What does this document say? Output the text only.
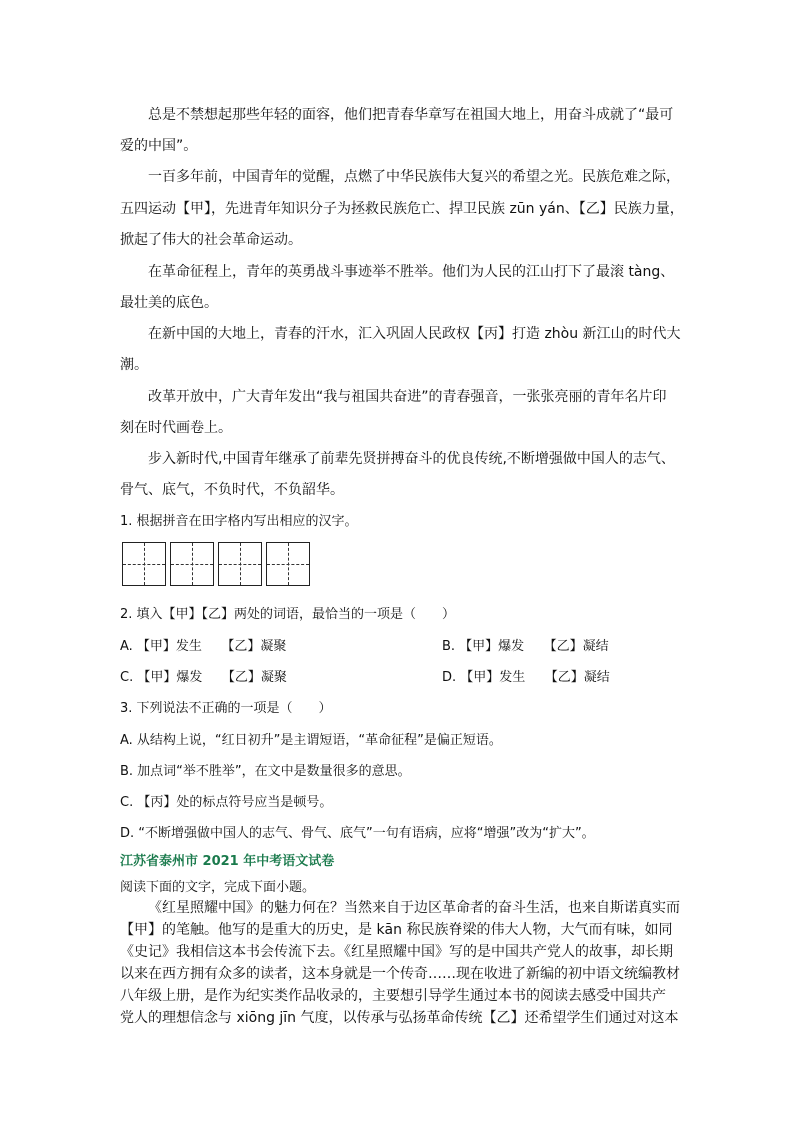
总是不禁想起那些年轻的面容，他们把青春华章写在祖国大地上，用奋斗成就了“最可
爱的中国”。
一百多年前，中国青年的觉醒，点燃了中华民族伟大复兴的希望之光。民族危难之际，
五四运动【甲】，先进青年知识分子为拯救民族危亡、捍卫民族 zūn yán、【乙】民族力量，
掀起了伟大的社会革命运动。
在革命征程上，青年的英勇战斗事迹举不胜举。他们为人民的江山打下了最滚 tàng、
最壮美的底色。
在新中国的大地上，青春的汗水，汇入巩固人民政权【丙】打造 zhòu 新江山的时代大
潮。
改革开放中，广大青年发出“我与祖国共奋进”的青春强音，一张张亮丽的青年名片印
刻在时代画卷上。
步入新时代,中国青年继承了前辈先贤拼搏奋斗的优良传统,不断增强做中国人的志气、
骨气、底气，不负时代，不负韶华。
1. 根据拼音在田字格内写出相应的汉字。
2. 填入【甲】【乙】两处的词语，最恰当的一项是（　　）
A. 【甲】发生　　【乙】凝聚	B. 【甲】爆发　　【乙】凝结
C. 【甲】爆发　　【乙】凝聚	D. 【甲】发生　　【乙】凝结
3. 下列说法不正确的一项是（　　）
A. 从结构上说，“红日初升”是主谓短语，“革命征程”是偏正短语。
B. 加点词“举不胜举”，在文中是数量很多的意思。
C. 【丙】处的标点符号应当是顿号。
D. “不断增强做中国人的志气、骨气、底气”一句有语病，应将“增强”改为“扩大”。
江苏省泰州市 2021 年中考语文试卷
阅读下面的文字，完成下面小题。
《红星照耀中国》的魅力何在？当然来自于边区革命者的奋斗生活，也来自斯诺真实而
【甲】的笔触。他写的是重大的历史，是 kān 称民族脊梁的伟大人物，大气而有味，如同
《史记》我相信这本书会传流下去。《红星照耀中国》写的是中国共产党人的故事，却长期
以来在西方拥有众多的读者，这本身就是一个传奇……现在收进了新编的初中语文统编教材
八年级上册，是作为纪实类作品收录的，主要想引导学生通过本书的阅读去感受中国共产
党人的理想信念与 xiōng jīn 气度，以传承与弘扬革命传统【乙】还希望学生们通过对这本
